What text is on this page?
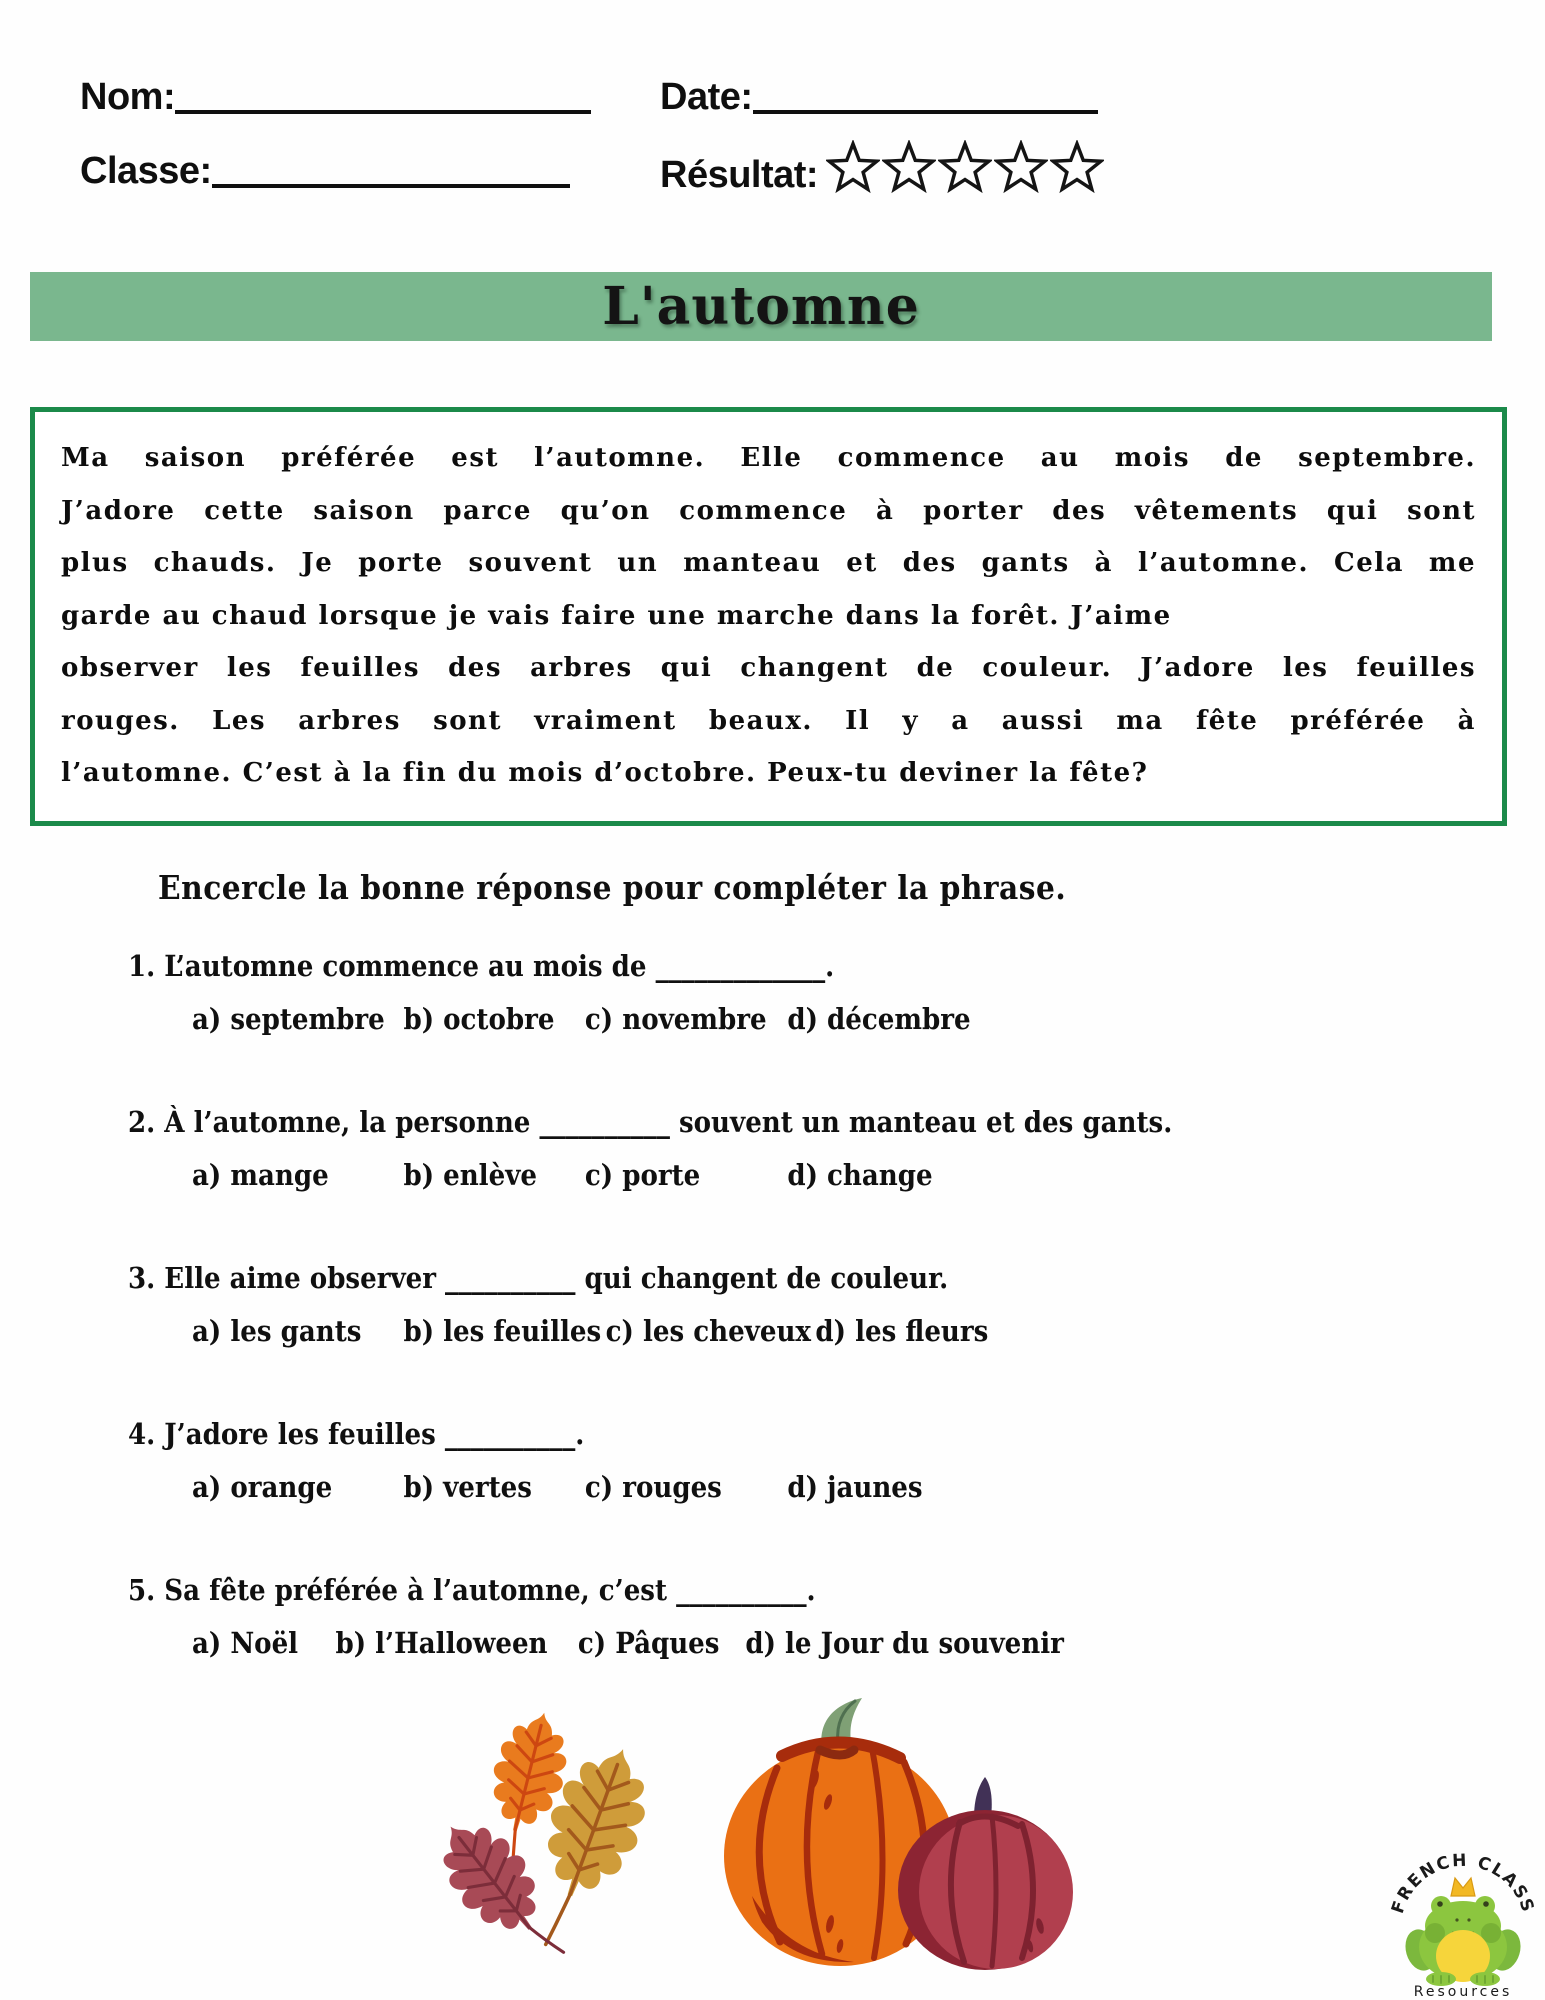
Nom:	Date:
Classe:	Résultat:
L'automne
Ma saison préférée est l’automne. Elle commence au mois de septembre.
J’adore cette saison parce qu’on commence à porter des vêtements qui sont
plus chauds. Je porte souvent un manteau et des gants à l’automne. Cela me
garde au chaud lorsque je vais faire une marche dans la forêt. J’aime
observer les feuilles des arbres qui changent de couleur. J’adore les feuilles
rouges. Les arbres sont vraiment beaux. Il y a aussi ma fête préférée à
l’automne. C’est à la fin du mois d’octobre. Peux-tu deviner la fête?
Encercle la bonne réponse pour compléter la phrase.
1. L’automne commence au mois de _____________.
a) septembre b) octobre c) novembre d) décembre
2. À l’automne, la personne __________ souvent un manteau et des gants.
a) mange	b) enlève c) porte	d) change
3. Elle aime observer __________ qui changent de couleur.
a) les gants b) les feuilles c) les cheveux d) les fleurs
4. J’adore les feuilles __________.
a) orange b) vertes c) rouges d) jaunes
5. Sa fête préférée à l’automne, c’est __________.
a) Noël b) l’Halloween c) Pâques d) le Jour du souvenir
FRENCH CLASS
Resources
